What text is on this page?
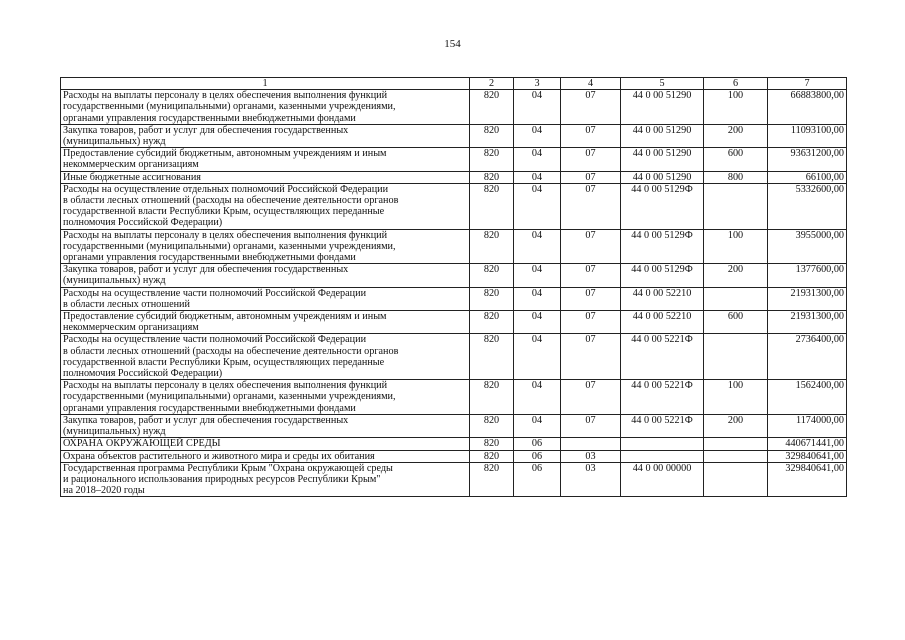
154
1	2	3	4	5	6	7

Расходы на выплаты персоналу в целях обеспечения выполнения функций
государственными (муниципальными) органами, казенными учреждениями,
органами управления государственными внебюджетными фондами	820	04	07	44 0 00 51290	100	66883800,00

Закупка товаров, работ и услуг для обеспечения государственных
(муниципальных) нужд	820	04	07	44 0 00 51290	200	11093100,00

Предоставление субсидий бюджетным, автономным учреждениям и иным
некоммерческим организациям	820	04	07	44 0 00 51290	600	93631200,00

Иные бюджетные ассигнования	820	04	07	44 0 00 51290	800	66100,00

Расходы на осуществление отдельных полномочий Российской Федерации
в области лесных отношений (расходы на обеспечение деятельности органов
государственной власти Республики Крым, осуществляющих переданные
полномочия Российской Федерации)	820	04	07	44 0 00 5129Ф		5332600,00

Расходы на выплаты персоналу в целях обеспечения выполнения функций
государственными (муниципальными) органами, казенными учреждениями,
органами управления государственными внебюджетными фондами	820	04	07	44 0 00 5129Ф	100	3955000,00

Закупка товаров, работ и услуг для обеспечения государственных
(муниципальных) нужд	820	04	07	44 0 00 5129Ф	200	1377600,00

Расходы на осуществление части полномочий Российской Федерации
в области лесных отношений	820	04	07	44 0 00 52210		21931300,00

Предоставление субсидий бюджетным, автономным учреждениям и иным
некоммерческим организациям	820	04	07	44 0 00 52210	600	21931300,00

Расходы на осуществление части полномочий Российской Федерации
в области лесных отношений (расходы на обеспечение деятельности органов
государственной власти Республики Крым, осуществляющих переданные
полномочия Российской Федерации)	820	04	07	44 0 00 5221Ф		2736400,00

Расходы на выплаты персоналу в целях обеспечения выполнения функций
государственными (муниципальными) органами, казенными учреждениями,
органами управления государственными внебюджетными фондами	820	04	07	44 0 00 5221Ф	100	1562400,00

Закупка товаров, работ и услуг для обеспечения государственных
(муниципальных) нужд	820	04	07	44 0 00 5221Ф	200	1174000,00

ОХРАНА ОКРУЖАЮЩЕЙ СРЕДЫ	820	06				440671441,00

Охрана объектов растительного и животного мира и среды их обитания	820	06	03			329840641,00

Государственная программа Республики Крым "Охрана окружающей среды
и рационального использования природных ресурсов Республики Крым"
на 2018–2020 годы	820	06	03	44 0 00 00000		329840641,00
